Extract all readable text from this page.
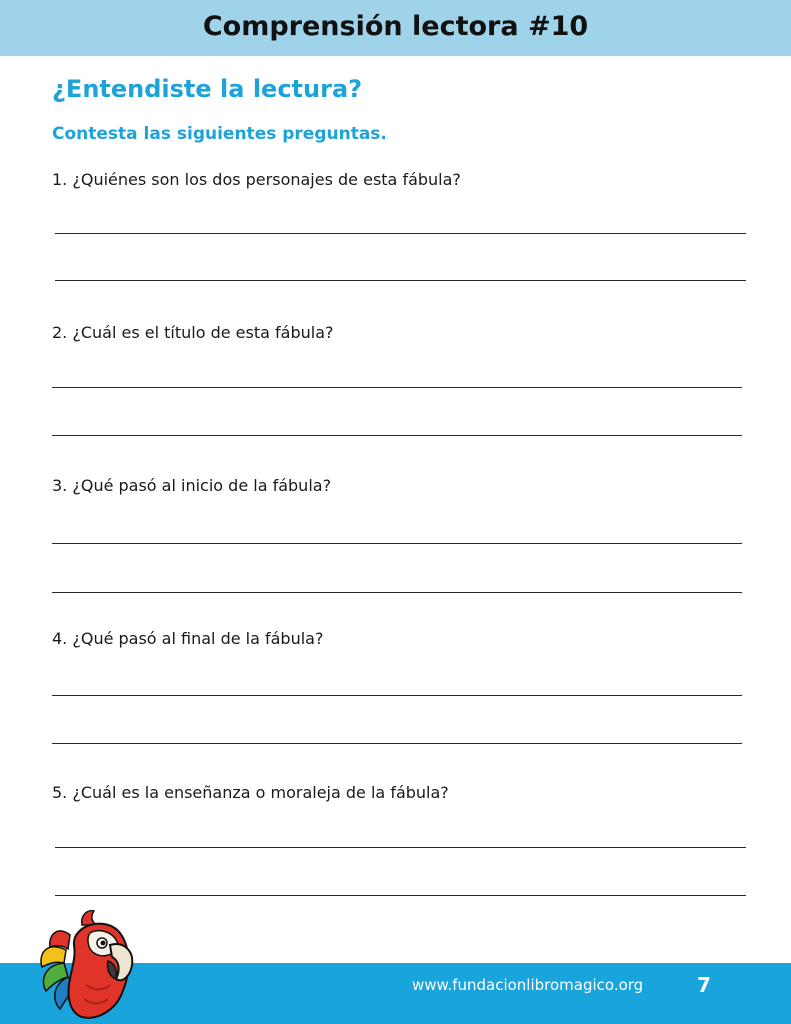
Comprensión lectora #10
¿Entendiste la lectura?
Contesta las siguientes preguntas.
1. ¿Quiénes son los dos personajes de esta fábula?
2. ¿Cuál es el título de esta fábula?
3. ¿Qué pasó al inicio de la fábula?
4. ¿Qué pasó al final de la fábula?
5. ¿Cuál es la enseñanza o moraleja de la fábula?
www.fundacionlibromagico.org	7
